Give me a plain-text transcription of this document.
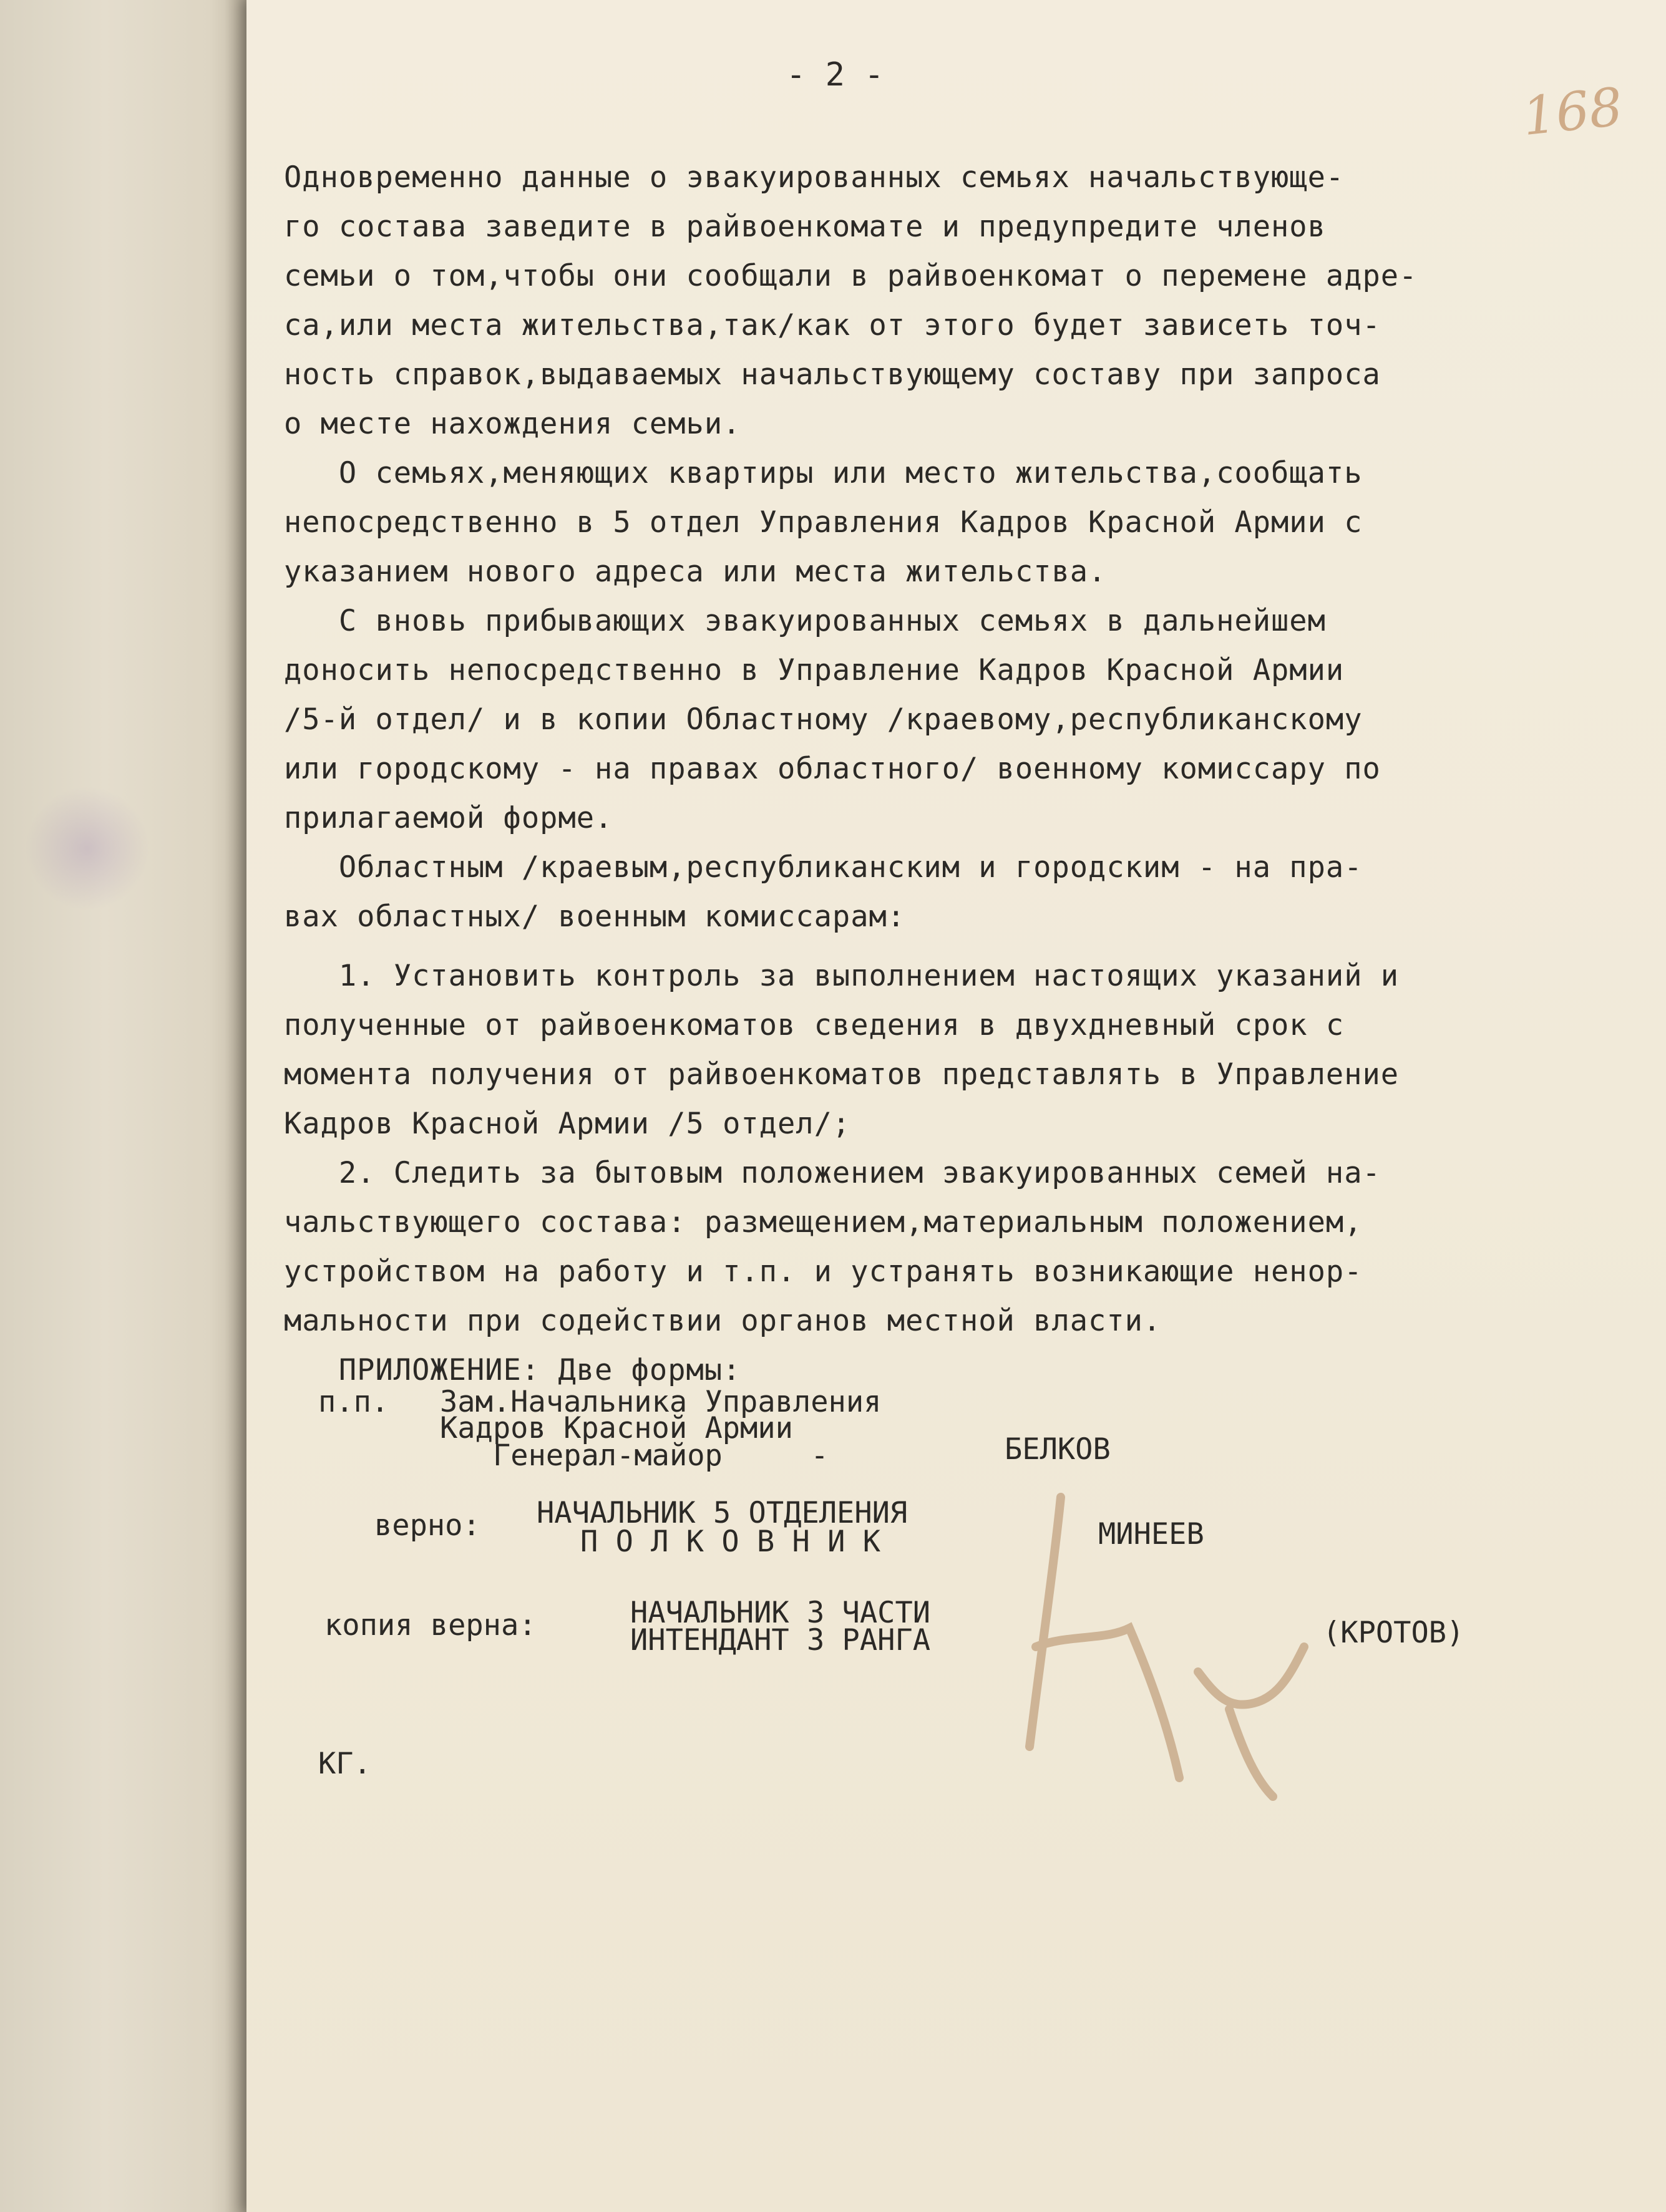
- 2 -
168
Одновременно данные о эвакуированных семьях начальствующе-
го состава заведите в райвоенкомате и предупредите членов
семьи о том,чтобы они сообщали в райвоенкомат о перемене адре-
са,или места жительства,так/как от этого будет зависеть точ-
ность справок,выдаваемых начальствующему составу при запроса
о месте нахождения семьи.
О семьях,меняющих квартиры или место жительства,сообщать
непосредственно в 5 отдел Управления Кадров Красной Армии с
указанием нового адреса или места жительства.
С вновь прибывающих эвакуированных семьях в дальнейшем
доносить непосредственно в Управление Кадров Красной Армии
/5-й отдел/ и в копии Областному /краевому,республиканскому
или городскому - на правах областного/ военному комиссару по
прилагаемой форме.
Областным /краевым,республиканским и городским - на пра-
вах областных/ военным комиссарам:
1. Установить контроль за выполнением настоящих указаний и
полученные от райвоенкоматов сведения в двухдневный срок с
момента получения от райвоенкоматов представлять в Управление
Кадров Красной Армии /5 отдел/;
2. Следить за бытовым положением эвакуированных семей на-
чальствующего состава: размещением,материальным положением,
устройством на работу и т.п. и устранять возникающие ненор-
мальности при содействии органов местной власти.
ПРИЛОЖЕНИЕ: Две формы:
п.п. Зам.Начальника Управления
Кадров Красной Армии
Генерал-майор     -	БЕЛКОВ
верно: НАЧАЛЬНИК 5 ОТДЕЛЕНИЯ
П О Л К О В Н И К	МИНЕЕВ
копия верна:	НАЧАЛЬНИК 3 ЧАСТИ
ИНТЕНДАНТ 3 РАНГА	(КРОТОВ)
КГ.
